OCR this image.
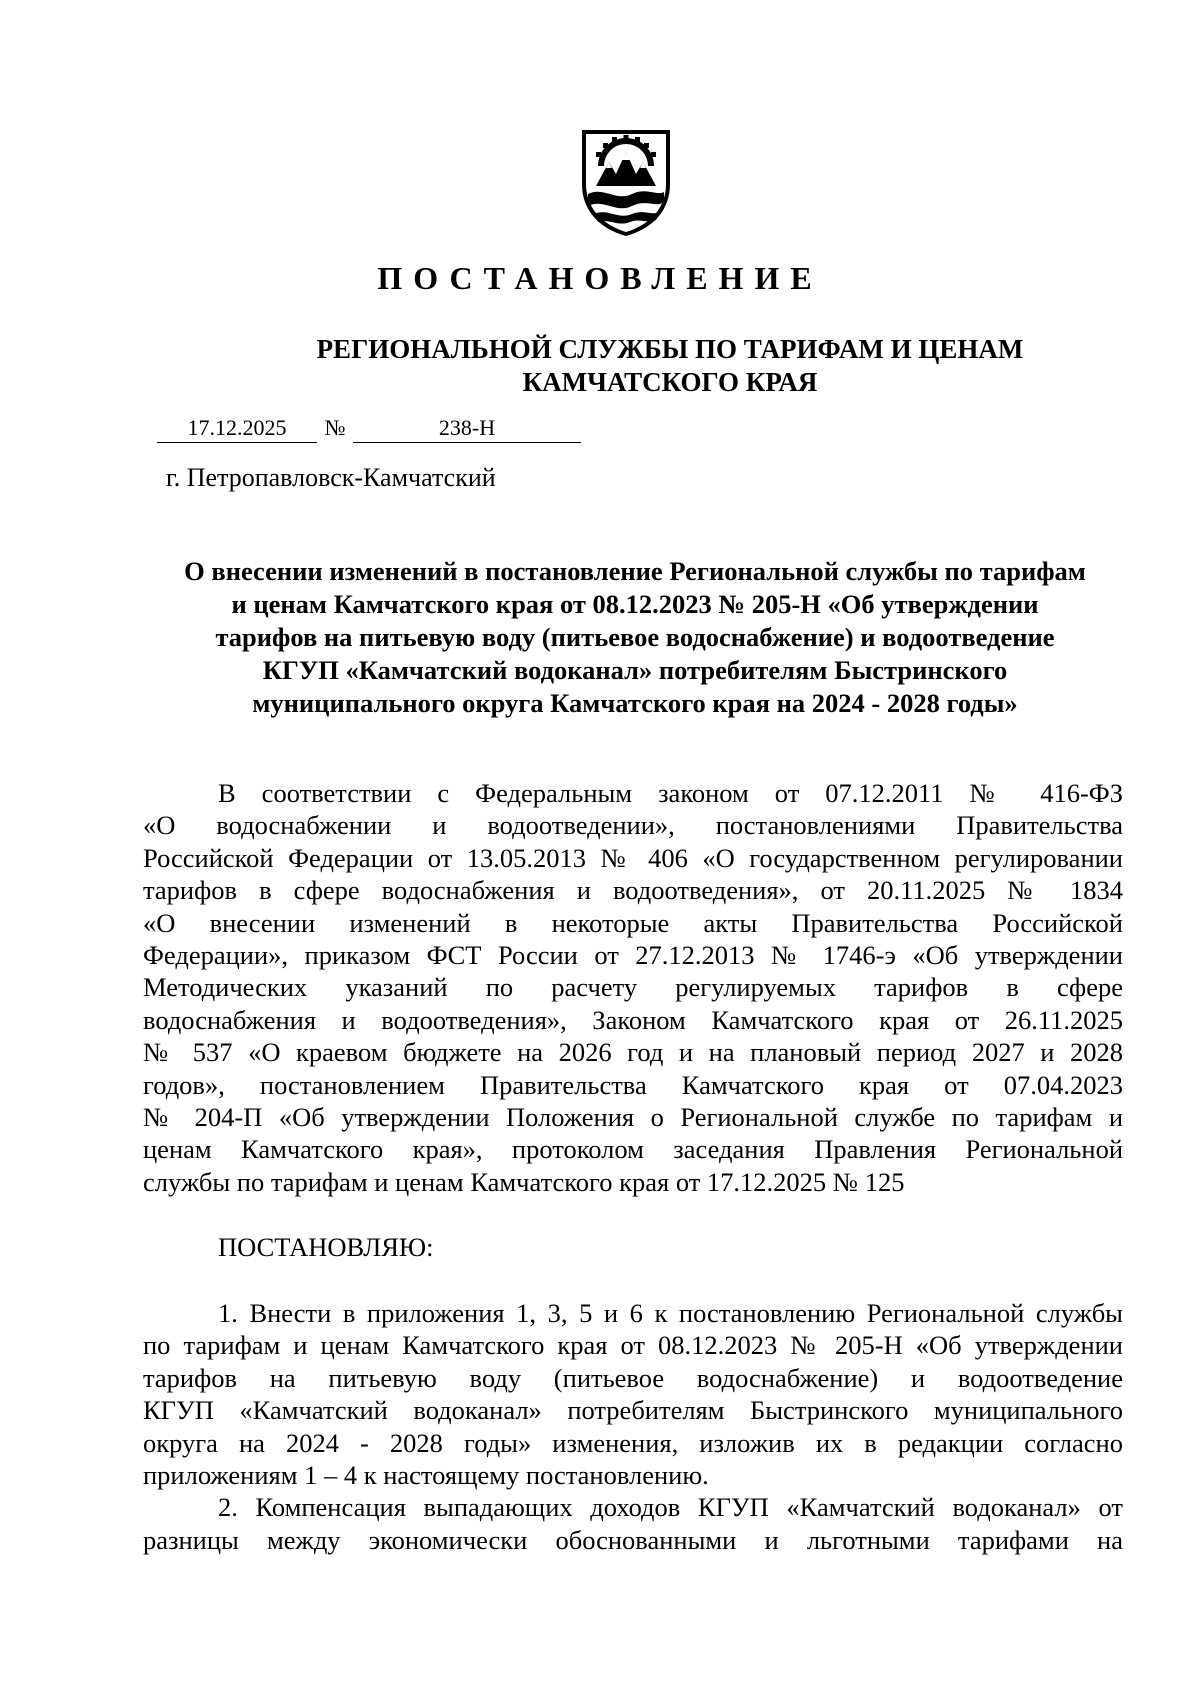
ПОСТАНОВЛЕНИЕ
РЕГИОНАЛЬНОЙ СЛУЖБЫ ПО ТАРИФАМ И ЦЕНАМ
КАМЧАТСКОГО КРАЯ
17.12.2025 №	238-Н
г. Петропавловск-Камчатский
О внесении изменений в постановление Региональной службы по тарифам
и ценам Камчатского края от 08.12.2023 № 205-Н «Об утверждении
тарифов на питьевую воду (питьевое водоснабжение) и водоотведение
КГУП «Камчатский водоканал» потребителям Быстринского
муниципального округа Камчатского края на 2024 - 2028 годы»
В соответствии с Федеральным законом от 07.12.2011 № 416-ФЗ
«О водоснабжении и водоотведении», постановлениями Правительства
Российской Федерации от 13.05.2013 № 406 «О государственном регулировании
тарифов в сфере водоснабжения и водоотведения», от 20.11.2025 № 1834
«О внесении изменений в некоторые акты Правительства Российской
Федерации», приказом ФСТ России от 27.12.2013 № 1746-э «Об утверждении
Методических указаний по расчету регулируемых тарифов в сфере
водоснабжения и водоотведения», Законом Камчатского края от 26.11.2025
№ 537 «О краевом бюджете на 2026 год и на плановый период 2027 и 2028
годов», постановлением Правительства Камчатского края от 07.04.2023
№ 204-П «Об утверждении Положения о Региональной службе по тарифам и
ценам Камчатского края», протоколом заседания Правления Региональной
службы по тарифам и ценам Камчатского края от 17.12.2025 № 125
ПОСТАНОВЛЯЮ:
1. Внести в приложения 1, 3, 5 и 6 к постановлению Региональной службы
по тарифам и ценам Камчатского края от 08.12.2023 № 205-Н «Об утверждении
тарифов на питьевую воду (питьевое водоснабжение) и водоотведение
КГУП «Камчатский водоканал» потребителям Быстринского муниципального
округа на 2024 - 2028 годы» изменения, изложив их в редакции согласно
приложениям 1 – 4 к настоящему постановлению.
2. Компенсация выпадающих доходов КГУП «Камчатский водоканал» от
разницы между экономически обоснованными и льготными тарифами на
